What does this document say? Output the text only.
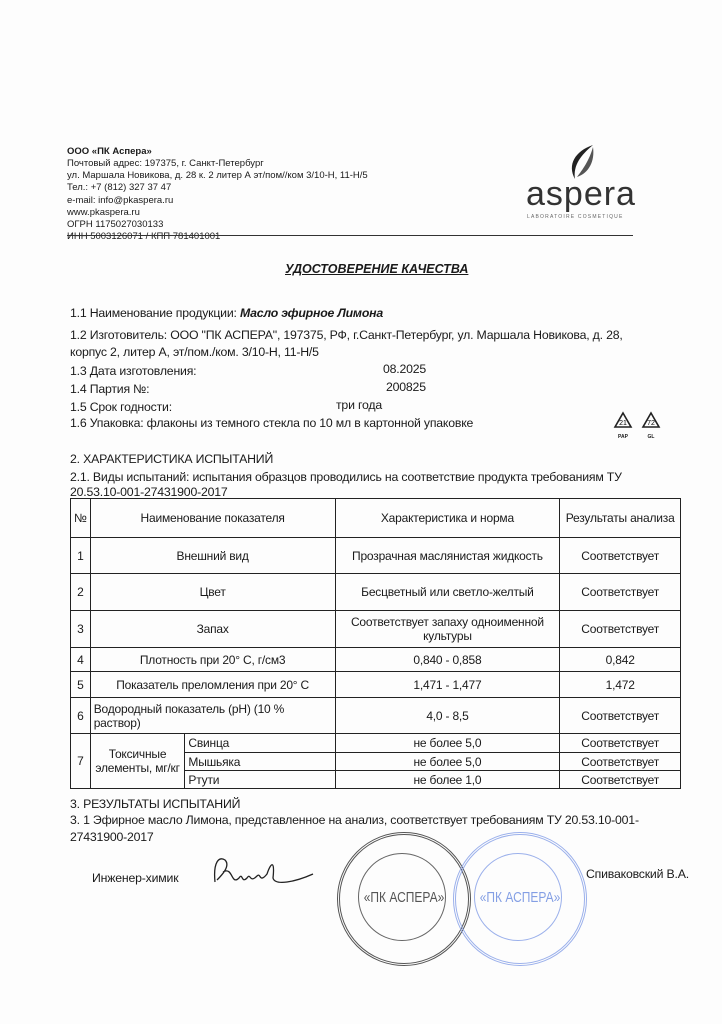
ООО «ПК Аспера»
Почтовый адрес: 197375, г. Санкт-Петербург
ул. Маршала Новикова, д. 28 к. 2 литер А эт/пом//ком 3/10-Н, 11-Н/5
Тел.: +7 (812) 327 37 47
e-mail: info@pkaspera.ru
www.pkaspera.ru
ОГРН 1175027030133
ИНН 5003126071 / КПП 781401001
aspera
LABORATOIRE COSMETIQUE
УДОСТОВЕРЕНИЕ КАЧЕСТВА
1.1 Наименование продукции: Масло эфирное Лимона
1.2 Изготовитель: ООО "ПК АСПЕРА", 197375, РФ, г.Санкт-Петербург, ул. Маршала Новикова, д. 28,
корпус 2, литер А, эт/пом./ком. 3/10-Н, 11-Н/5
1.3 Дата изготовления:	08.2025
1.4 Партия №:	200825
1.5 Срок годности:	три года
1.6 Упаковка: флаконы из темного стекла по 10 мл в картонной упаковке	21
PAP
72
GL
2. ХАРАКТЕРИСТИКА ИСПЫТАНИЙ
2.1. Виды испытаний: испытания образцов проводились на соответствие продукта требованиям ТУ
20.53.10-001-27431900-2017
№	Наименование показателя		Характеристика и норма	Результаты анализа
1	Внешний вид		Прозрачная маслянистая жидкость	Соответствует
2	Цвет		Бесцветный или светло-желтый	Соответствует
3	Запах		Соответствует запаху одноименной культуры	Соответствует
4	Плотность при 20° С, г/см3		0,840 - 0,858	0,842
5	Показатель преломления при 20° С		1,471 - 1,477	1,472
6	Водородный показатель (pH) (10 % раствор)		4,0 - 8,5	Соответствует
7	Токсичные элементы, мг/кг	Свинца	не более 5,0	Соответствует
		Мышьяка	не более 5,0	Соответствует
		Ртути	не более 1,0	Соответствует
3. РЕЗУЛЬТАТЫ ИСПЫТАНИЙ
3. 1 Эфирное масло Лимона, представленное на анализ, соответствует требованиям ТУ 20.53.10-001-
27431900-2017
Инженер-химик
«ПК АСПЕРА»	«ПК АСПЕРА»
Спиваковский В.А.
